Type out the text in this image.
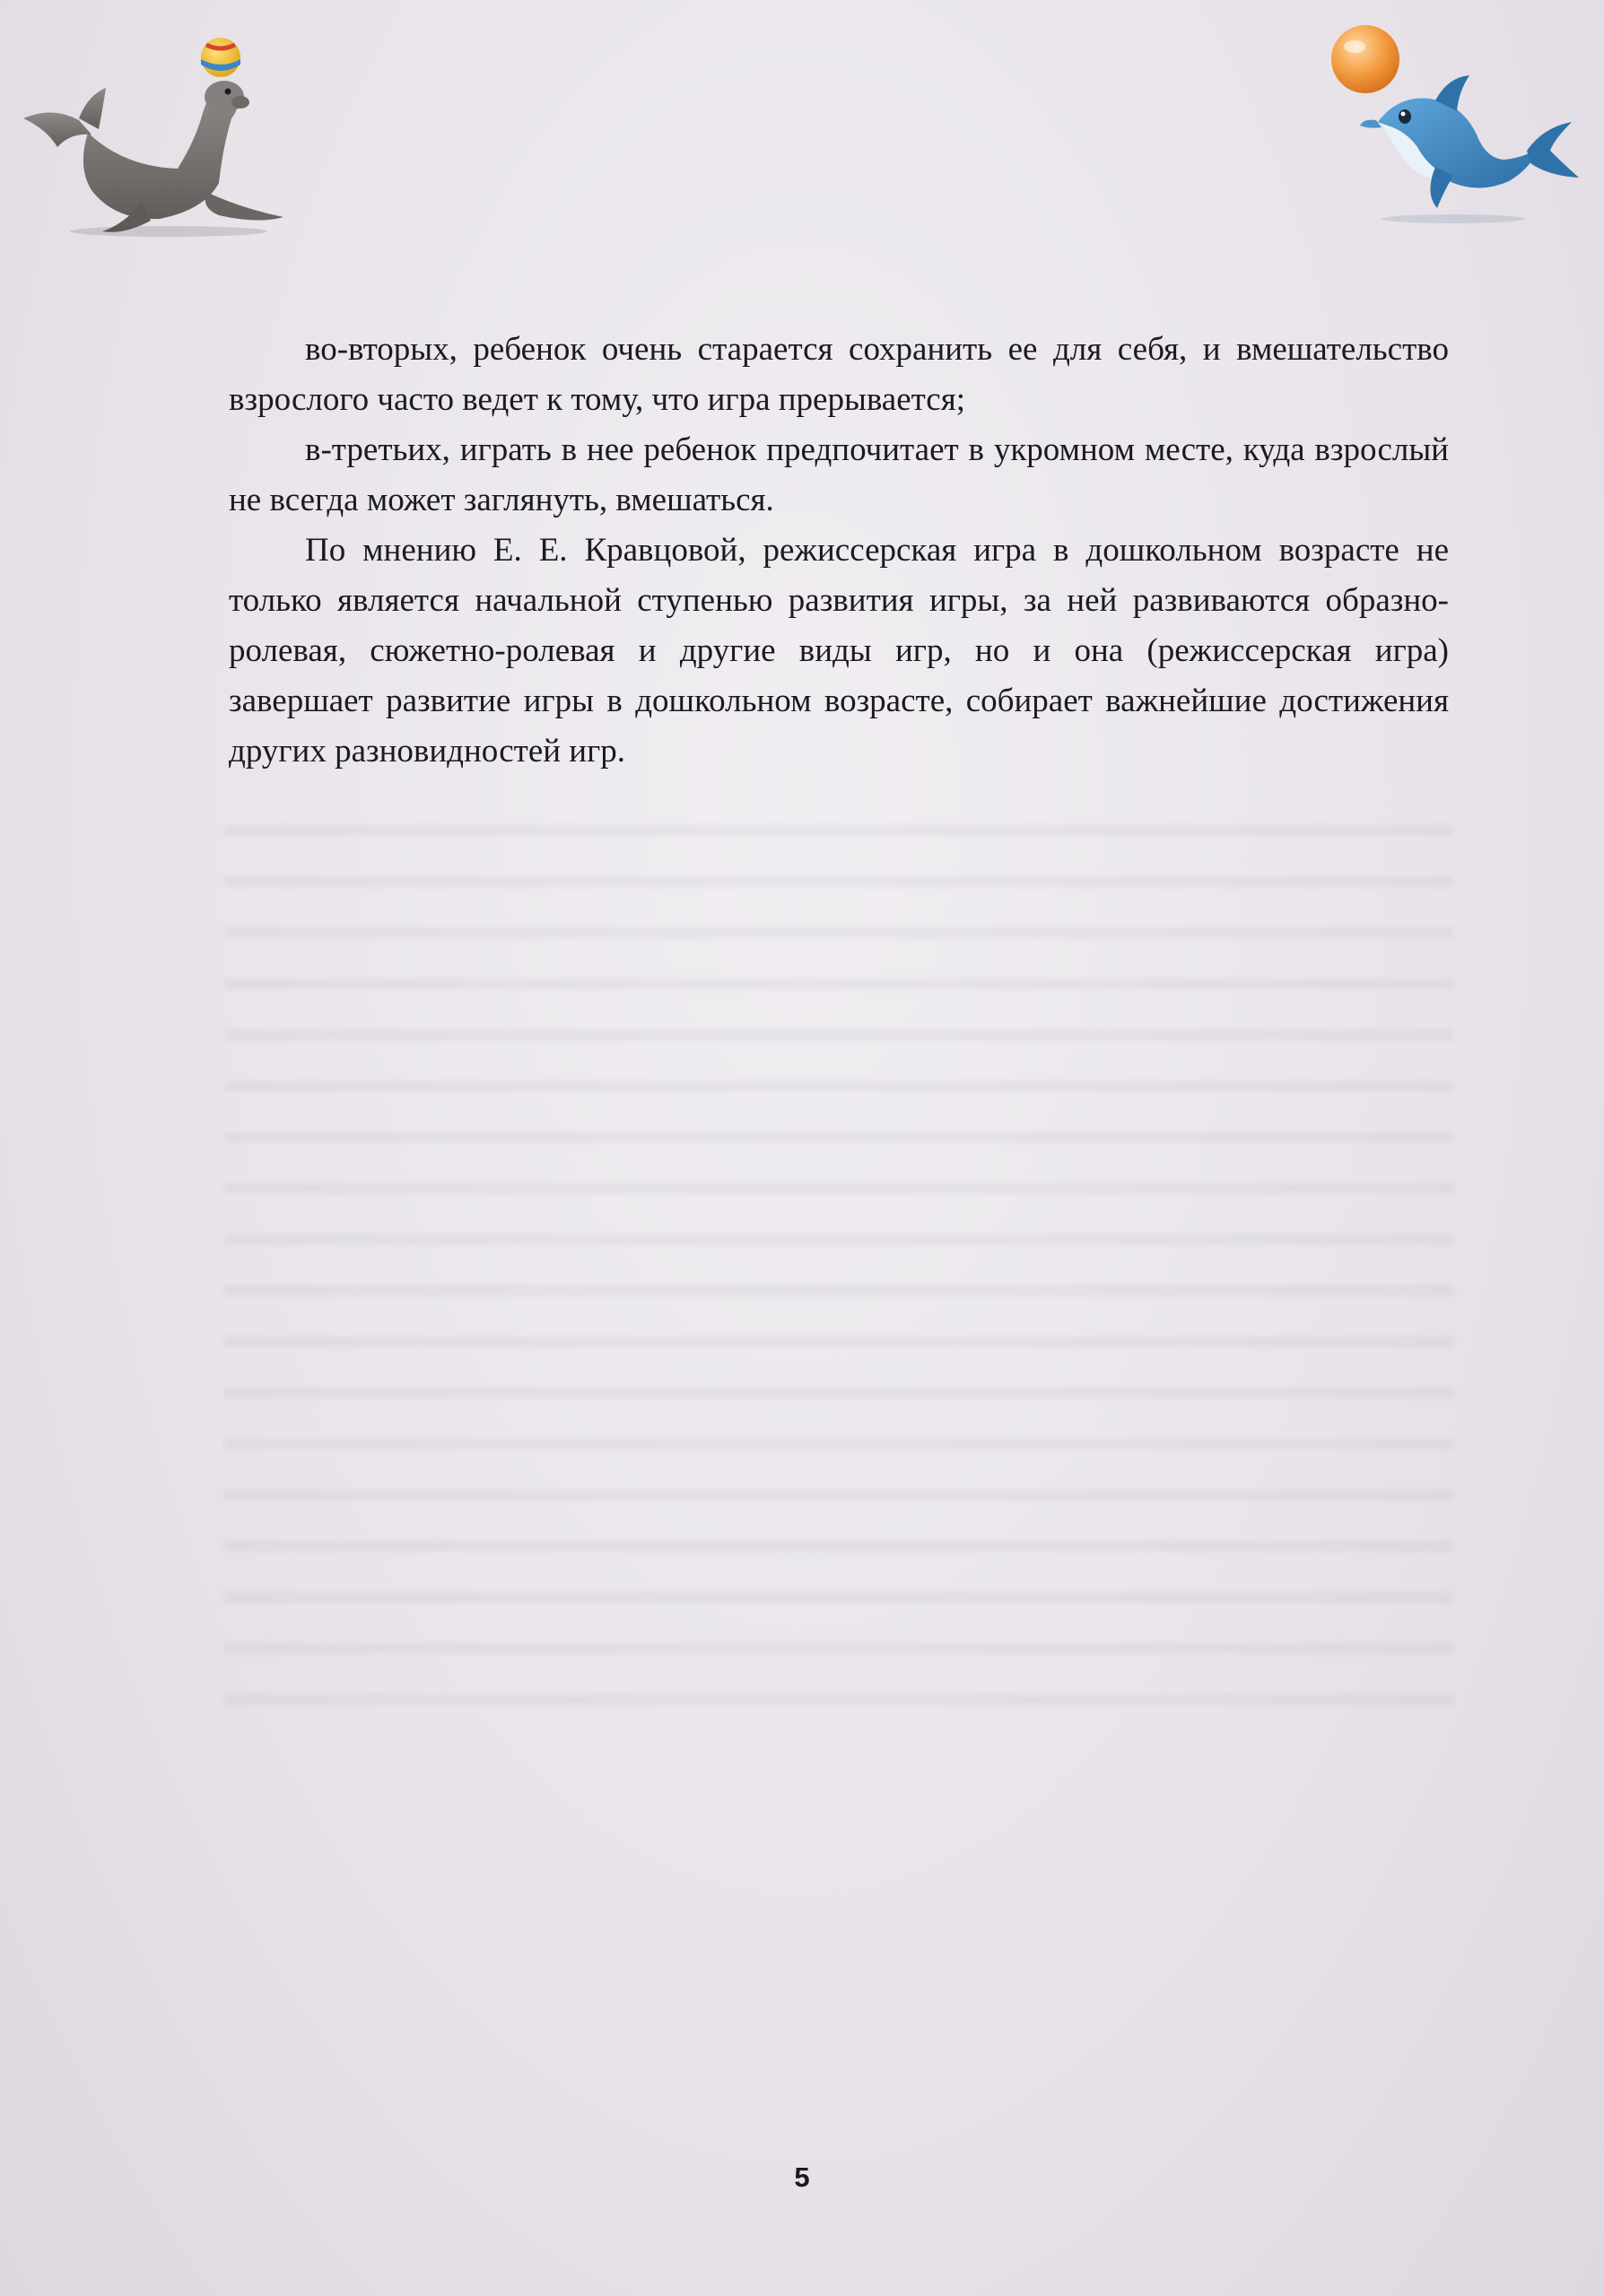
во-вторых, ребенок очень старается сохранить ее для себя, и вмешательство взрослого часто ведет к тому, что игра прерывается;

в-третьих, играть в нее ребенок предпочитает в укромном месте, куда взрослый не всегда может заглянуть, вмешаться.

По мнению Е. Е. Кравцовой, режиссерская игра в дошкольном возрасте не только является начальной ступенью развития игры, за ней развиваются образно-ролевая, сюжетно-ролевая и другие виды игр, но и она (режиссерская игра) завершает развитие игры в дошкольном возрасте, собирает важнейшие достижения других разновидностей игр.

5
